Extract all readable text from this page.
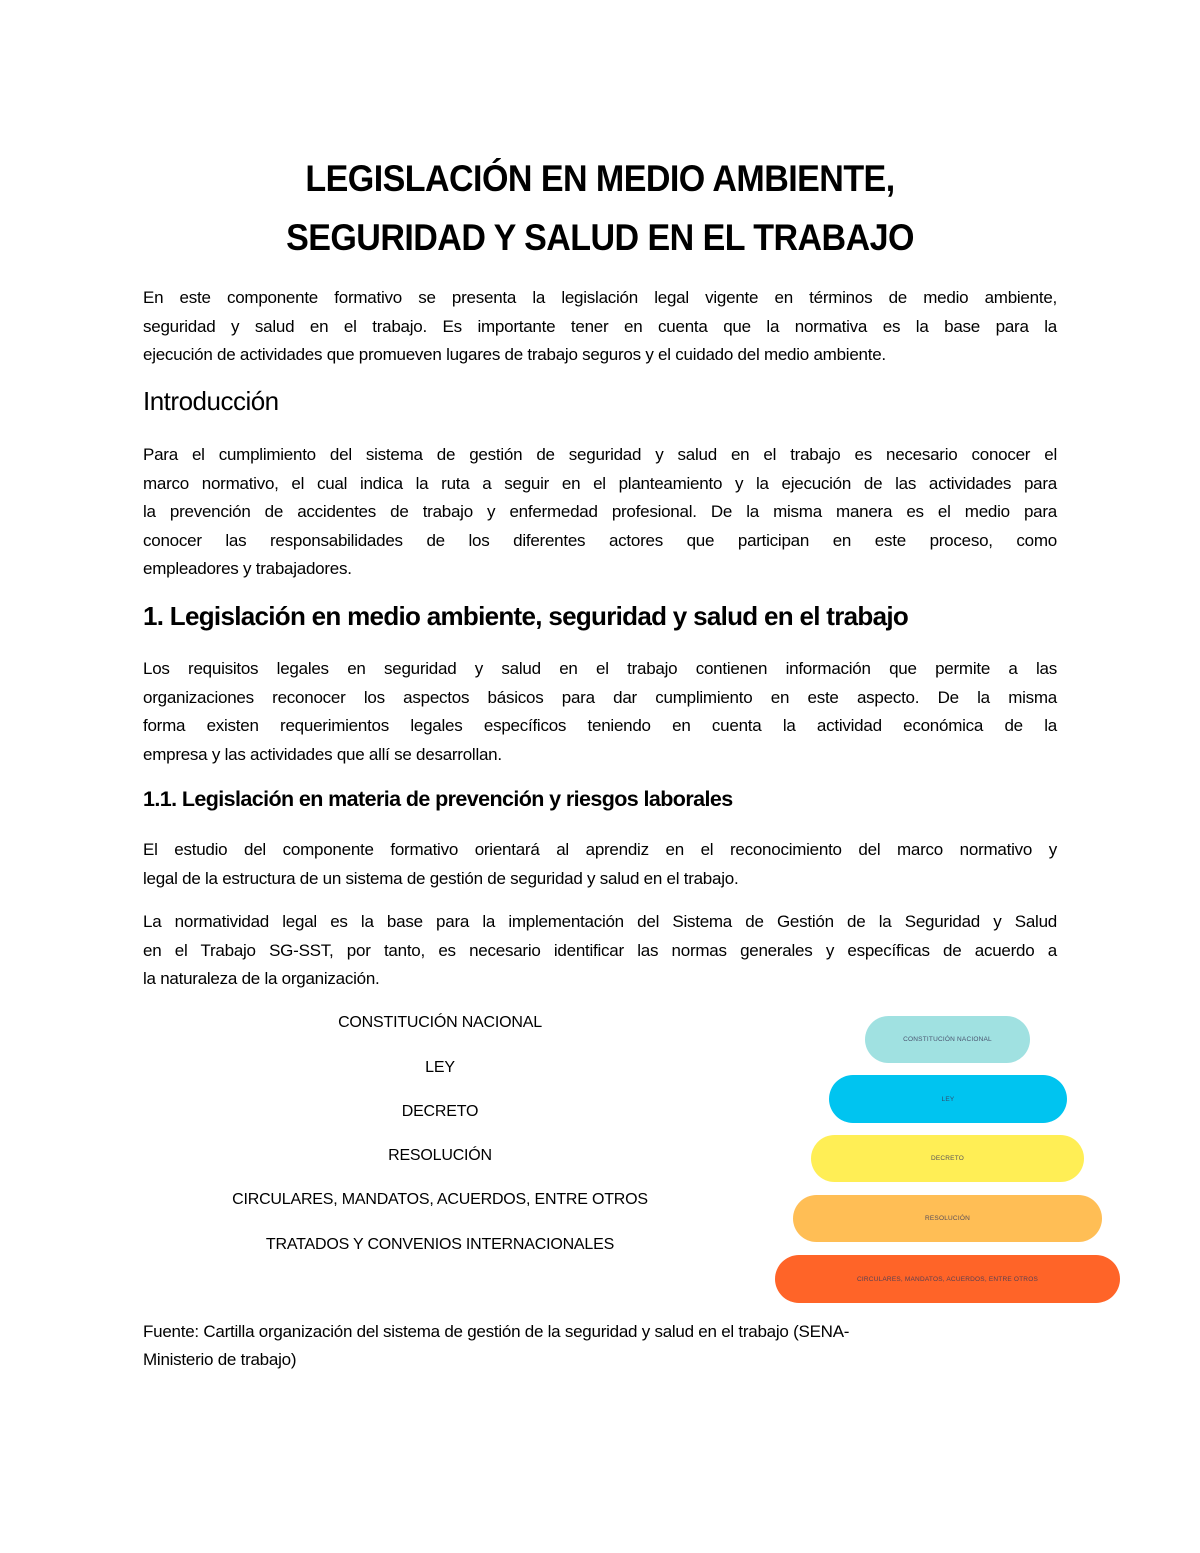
LEGISLACIÓN EN MEDIO AMBIENTE,
SEGURIDAD Y SALUD EN EL TRABAJO
En este componente formativo se presenta la legislación legal vigente en términos de medio ambiente,
seguridad y salud en el trabajo. Es importante tener en cuenta que la normativa es la base para la
ejecución de actividades que promueven lugares de trabajo seguros y el cuidado del medio ambiente.
Introducción
Para el cumplimiento del sistema de gestión de seguridad y salud en el trabajo es necesario conocer el
marco normativo, el cual indica la ruta a seguir en el planteamiento y la ejecución de las actividades para
la prevención de accidentes de trabajo y enfermedad profesional. De la misma manera es el medio para
conocer las responsabilidades de los diferentes actores que participan en este proceso, como
empleadores y trabajadores.
1. Legislación en medio ambiente, seguridad y salud en el trabajo
Los requisitos legales en seguridad y salud en el trabajo contienen información que permite a las
organizaciones reconocer los aspectos básicos para dar cumplimiento en este aspecto. De la misma
forma existen requerimientos legales específicos teniendo en cuenta la actividad económica de la
empresa y las actividades que allí se desarrollan.
1.1. Legislación en materia de prevención y riesgos laborales
El estudio del componente formativo orientará al aprendiz en el reconocimiento del marco normativo y
legal de la estructura de un sistema de gestión de seguridad y salud en el trabajo.
La normatividad legal es la base para la implementación del Sistema de Gestión de la Seguridad y Salud
en el Trabajo SG-SST, por tanto, es necesario identificar las normas generales y específicas de acuerdo a
la naturaleza de la organización.
CONSTITUCIÓN NACIONAL
LEY
DECRETO
RESOLUCIÓN
CIRCULARES, MANDATOS, ACUERDOS, ENTRE OTROS
TRATADOS Y CONVENIOS INTERNACIONALES
CONSTITUCIÓN NACIONAL
LEY
DECRETO
RESOLUCIÓN
CIRCULARES, MANDATOS, ACUERDOS, ENTRE OTROS
Fuente: Cartilla organización del sistema de gestión de la seguridad y salud en el trabajo (SENA-
Ministerio de trabajo)
